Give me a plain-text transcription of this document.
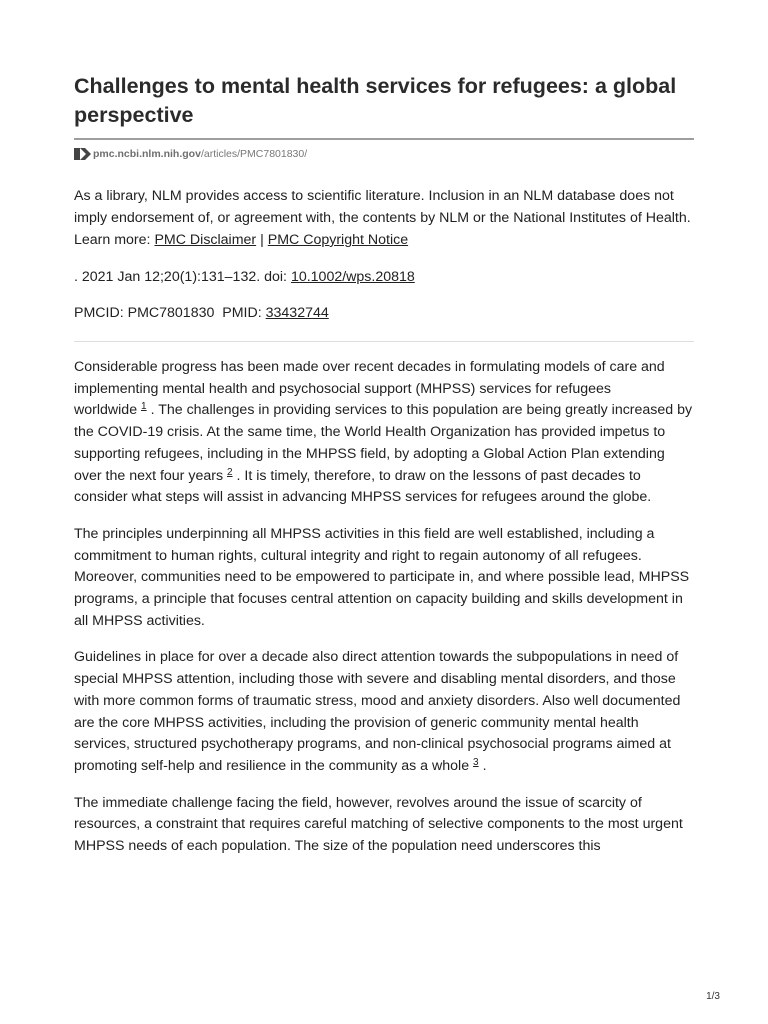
Challenges to mental health services for refugees: a global perspective
pmc.ncbi.nlm.nih.gov /articles/PMC7801830/

As a library, NLM provides access to scientific literature. Inclusion in an NLM database does not imply endorsement of, or agreement with, the contents by NLM or the National Institutes of Health.

Learn more: PMC Disclaimer | PMC Copyright Notice

. 2021 Jan 12;20(1):131–132. doi: 10.1002/wps.20818
PMCID: PMC7801830 PMID: 33432744

Considerable progress has been made over recent decades in formulating models of care and implementing mental health and psychosocial support (MHPSS) services for refugees worldwide $^1$ . The challenges in providing services to this population are being greatly increased by the COVID‑19 crisis. At the same time, the World Health Organization has provided impetus to supporting refugees, including in the MHPSS field, by adopting a Global Action Plan extending over the next four years $^2$ . It is timely, therefore, to draw on the lessons of past decades to consider what steps will assist in advancing MHPSS services for refugees around the globe.

The principles underpinning all MHPSS activities in this field are well established, including a commitment to human rights, cultural integrity and right to regain autonomy of all refugees. Moreover, communities need to be empowered to participate in, and where possible lead, MHPSS programs, a principle that focuses central attention on capacity building and skills development in all MHPSS activities.

Guidelines in place for over a decade also direct attention towards the subpopulations in need of special MHPSS attention, including those with severe and disabling mental disorders, and those with more common forms of traumatic stress, mood and anxiety disorders. Also well documented are the core MHPSS activities, including the provision of generic community mental health services, structured psychotherapy programs, and non‑clinical psychosocial programs aimed at promoting self‑help and resilience in the community as a whole $^3$ .

The immediate challenge facing the field, however, revolves around the issue of scarcity of resources, a constraint that requires careful matching of selective components to the most urgent MHPSS needs of each population. The size of the population need underscores this

1/3
